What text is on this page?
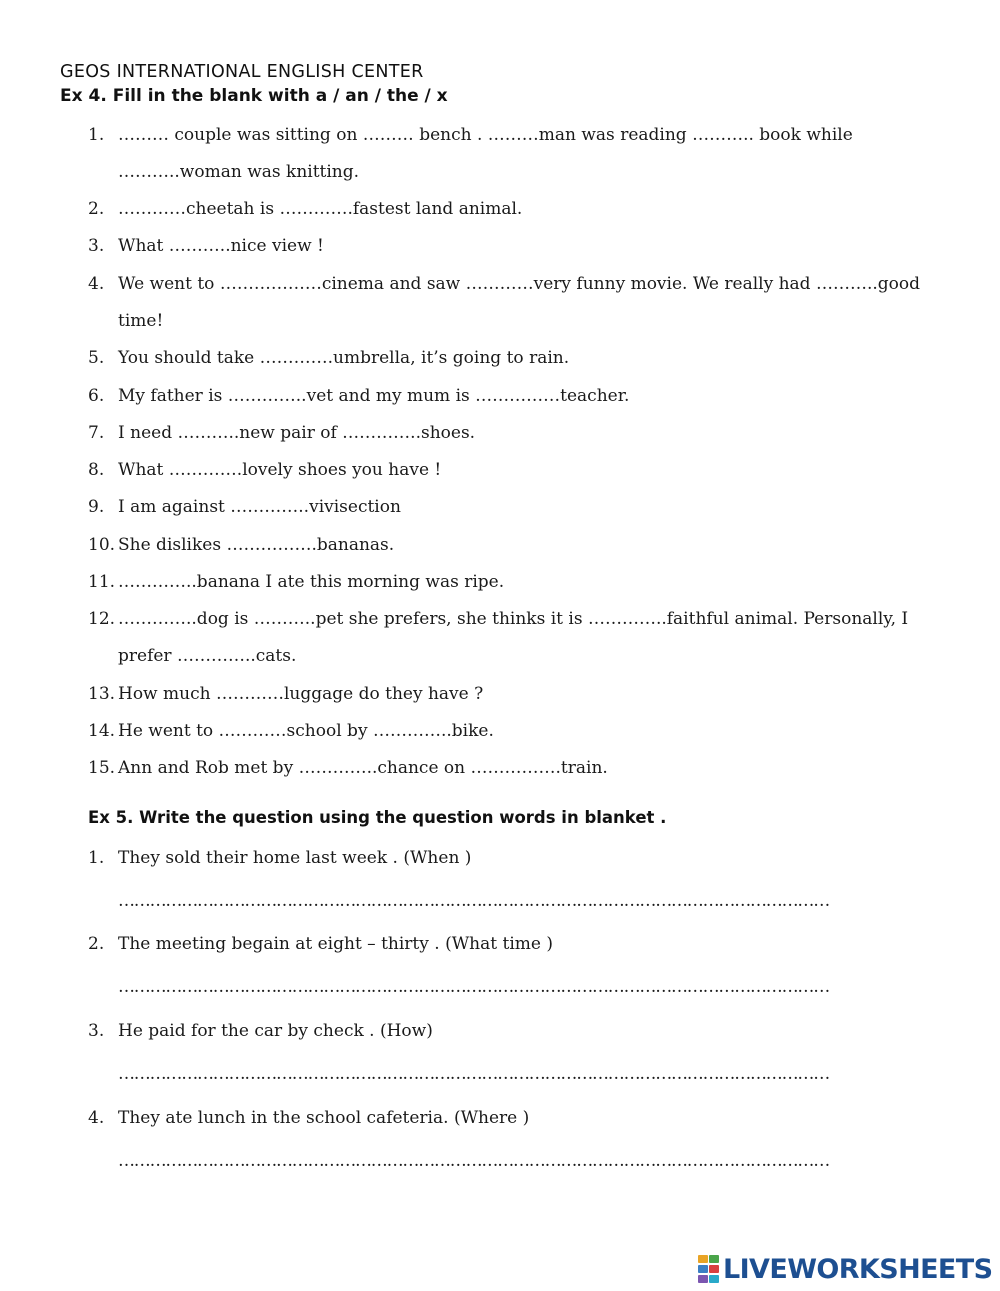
GEOS INTERNATIONAL ENGLISH CENTER
Ex 4. Fill in the blank with a / an / the / x
1. ……… couple was sitting on ……… bench . ………man was reading ……….. book while
………..woman was knitting.
2. …………cheetah is ………….fastest land animal.
3. What ………..nice view !
4. We went to ………………cinema and saw …………very funny movie. We really had ………..good
time!
5. You should take ………….umbrella, it’s going to rain.
6. My father is …………..vet and my mum is ……………teacher.
7. I need ………..new pair of …………..shoes.
8. What ………….lovely shoes you have !
9. I am against …………..vivisection
10. She dislikes …………….bananas.
11. …………..banana I ate this morning was ripe.
12. …………..dog is ………..pet she prefers, she thinks it is …………..faithful animal. Personally, I
prefer …………..cats.
13. How much …………luggage do they have ?
14. He went to …………school by …………..bike.
15. Ann and Rob met by …………..chance on …………….train.
Ex 5. Write the question using the question words in blanket .
1. They sold their home last week . (When )
………………………………………………………………………………………………………………………
2. The meeting begain at eight – thirty . (What time )
………………………………………………………………………………………………………………………
3. He paid for the car by check . (How)
………………………………………………………………………………………………………………………
4. They ate lunch in the school cafeteria. (Where )
………………………………………………………………………………………………………………………
LIVEWORKSHEETS
